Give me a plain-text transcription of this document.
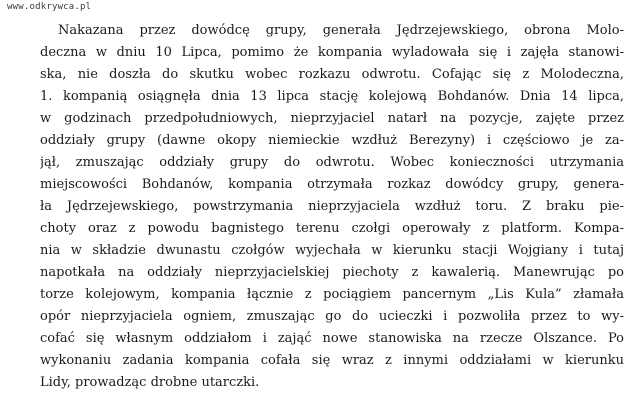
www.odkrywca.pl
Nakazana przez dowódcę grupy, generała Jędrzejewskiego, obrona Molo-
deczna w dniu 10 Lipca, pomimo że kompania wyladowała się i zajęła stanowi-
ska, nie doszła do skutku wobec rozkazu odwrotu. Cofając się z Molodeczna,
1. kompanią osiągnęła dnia 13 lipca stację kolejową Bohdanów. Dnia 14 lipca,
w godzinach przedpołudniowych, nieprzyjaciel natarł na pozycje, zajęte przez
oddziały grupy (dawne okopy niemieckie wzdłuż Berezyny) i częściowo je za-
jął, zmuszając oddziały grupy do odwrotu. Wobec konieczności utrzymania
miejscowości Bohdanów, kompania otrzymała rozkaz dowódcy grupy, genera-
ła Jędrzejewskiego, powstrzymania nieprzyjaciela wzdłuż toru. Z braku pie-
choty oraz z powodu bagnistego terenu czołgi operowały z platform. Kompa-
nia w składzie dwunastu czołgów wyjechała w kierunku stacji Wojgiany i tutaj
napotkała na oddziały nieprzyjacielskiej piechoty z kawalerią. Manewrując po
torze kolejowym, kompania łącznie z pociągiem pancernym „Lis Kula” złamała
opór nieprzyjaciela ogniem, zmuszając go do ucieczki i pozwoliła przez to wy-
cofać się własnym oddziałom i zająć nowe stanowiska na rzecze Olszance. Po
wykonaniu zadania kompania cofała się wraz z innymi oddziałami w kierunku
Lidy, prowadząc drobne utarczki.
